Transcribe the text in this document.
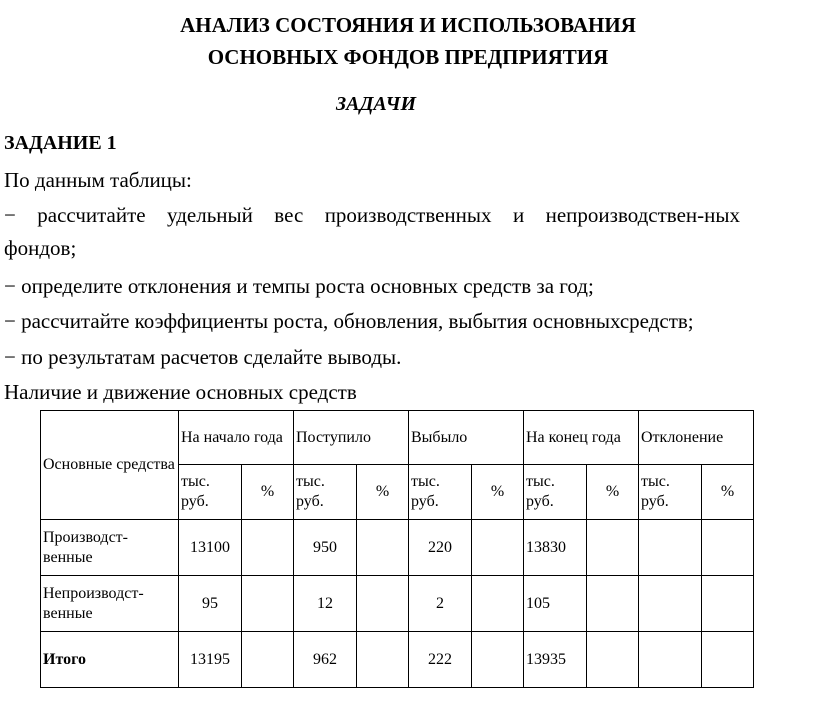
АНАЛИЗ СОСТОЯНИЯ И ИСПОЛЬЗОВАНИЯ
ОСНОВНЫХ ФОНДОВ ПРЕДПРИЯТИЯ
ЗАДАЧИ
ЗАДАНИЕ 1
По данным таблицы:
− рассчитайте удельный вес производственных и непроизводствен-ных
фондов;
− определите отклонения и темпы роста основных средств за год;
− рассчитайте коэффициенты роста, обновления, выбытия основныхсредств;
− по результатам расчетов сделайте выводы.
Наличие и движение основных средств
Основные средства	На начало года		Поступило		Выбыло		На конец года		Отклонение	
	тыс. руб.	%	тыс. руб.	%	тыс. руб.	%	тыс. руб.	%	тыс. руб.	%
Производст-венные	13100		950		220		13830			
Непроизводст-венные	95		12		2		105			
Итого	13195		962		222		13935			
